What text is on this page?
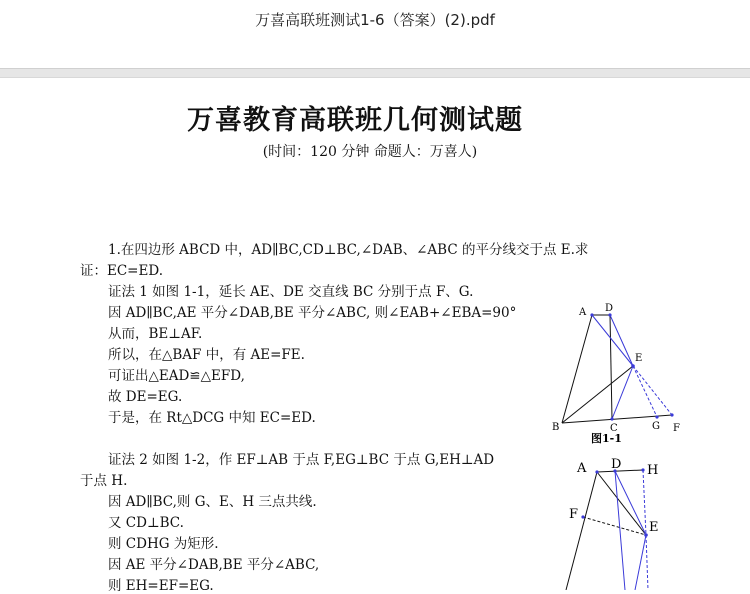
万喜高联班测试1-6（答案）(2).pdf
万喜教育高联班几何测试题
(时间：120 分钟 命题人：万喜人)
1.在四边形 ABCD 中，AD∥BC,CD⊥BC,∠DAB、∠ABC 的平分线交于点 E.求
证：EC=ED.
证法 1 如图 1-1，延长 AE、DE 交直线 BC 分别于点 F、G.
因 AD∥BC,AE 平分∠DAB,BE 平分∠ABC, 则∠EAB+∠EBA=90°
从而，BE⊥AF.
所以，在△BAF 中，有 AE=FE.
可证出△EAD≌△EFD,
故 DE=EG.
于是，在 Rt△DCG 中知 EC=ED.
证法 2 如图 1-2，作 EF⊥AB 于点 F,EG⊥BC 于点 G,EH⊥AD
于点 H.
因 AD∥BC,则 G、E、H 三点共线.
又 CD⊥BC.
则 CDHG 为矩形.
因 AE 平分∠DAB,BE 平分∠ABC,
则 EH=EF=EG.
A D
E
B	C	G F
图1-1
A D H
F
E
